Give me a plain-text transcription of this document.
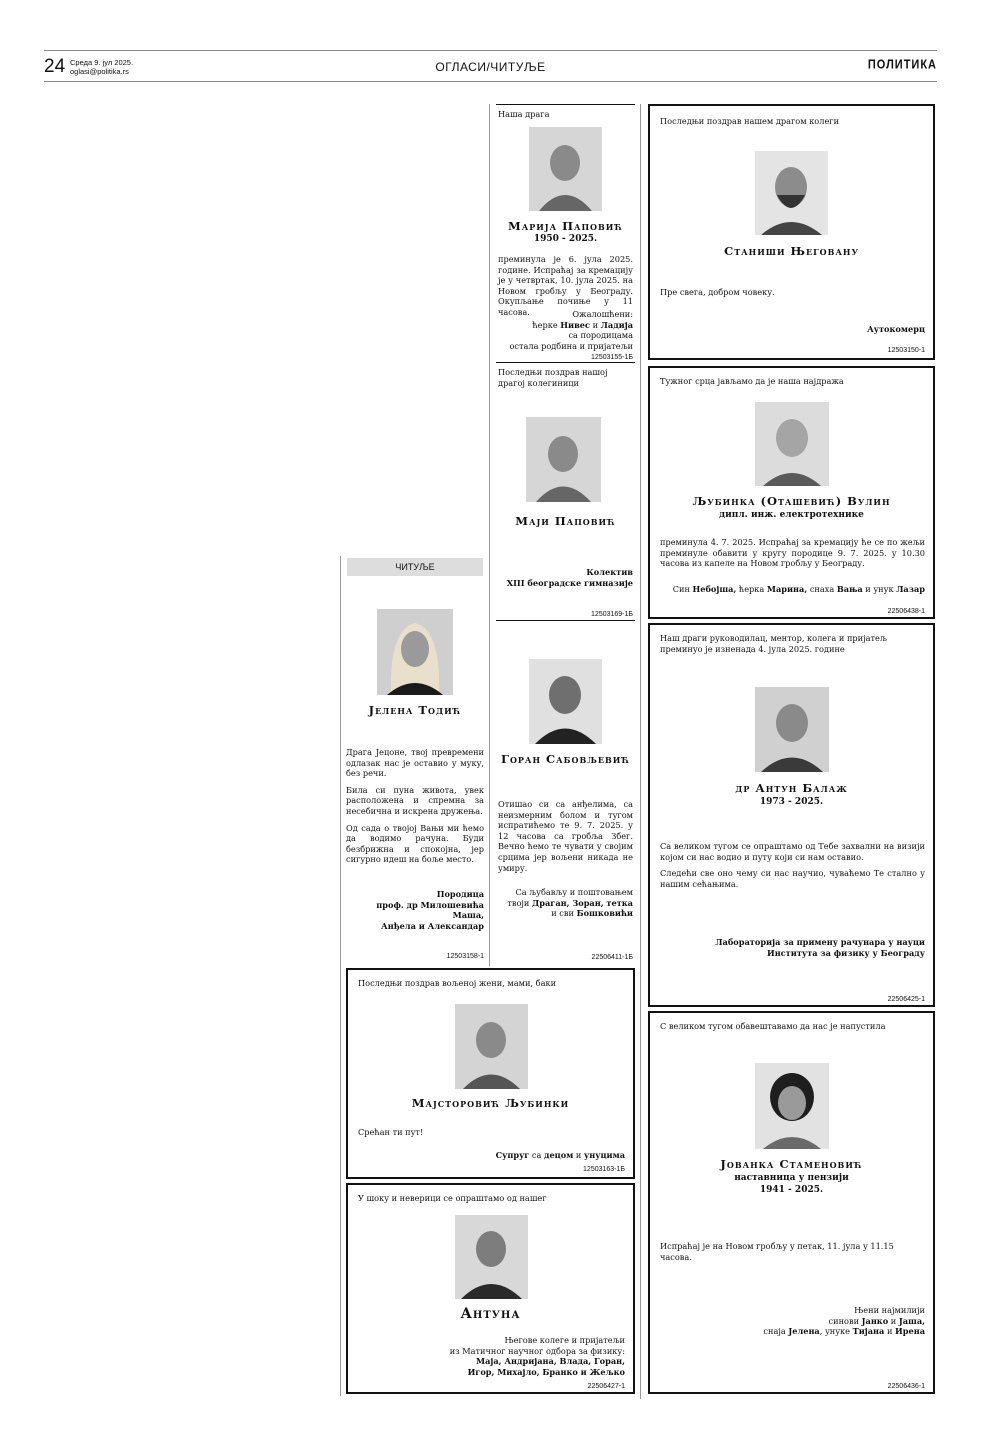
24 Среда 9. јул 2025.
oglasi@politika.rs	ОГЛАСИ/ЧИТУЉЕ	ПОЛИТИКА
Наша драга
Марија Паповић
1950 - 2025.
преминула је 6. јула 2025. године. Испраћај за кремацију је у четвртак, 10. јула 2025. на Новом гробљу у Београду. Окупљање почиње у 11 часова.	Ожалошћени:
ћерке Нивес и Ладија
са породицама
остала родбина и пријатељи
12503155-1Б
Последњи поздрав нашој драгој колегиници
Маји Паповић
Колектив
XIII београдске гимназије
12503169-1Б
Горан Сабовљевић
Отишао си са анђелима, са неизмерним болом и тугом испратићемо те 9. 7. 2025. у 12 часова са гробља Збег. Вечно ћемо те чувати у својим срцима јер вољени никада не умиру.
Са љубављу и поштовањем
твоји Драган, Зоран, тетка
и сви Бошковићи
22506411-1Б
ЧИТУЉЕ
Јелена Тодић

Драга Јецоне, твој превремени одлазак нас је оставио у муку, без речи.

Била си пуна живота, увек расположена и спремна за несебична и искрена дружења.

Од сада о твојој Вањи ми ћемо да водимо рачуна. Буди безбрижна и спокојна, јер сигурно идеш на боље место.

Породица
проф. др Милошевића Маша,
Анђела и Александар
12503158-1
Последњи поздрав вољеној жени, мами, баки
Мајсторовић Љубинки
Срећан ти пут!
Супруг са децом и унуцима
12503163-1Б
У шоку и неверици се опраштамо од нашег
Антуна
Његове колеге и пријатељи
из Матичног научног одбора за физику:
Маја, Андријана, Влада, Горан,
Игор, Михајло, Бранко и Жељко
22506427-1
Последњи поздрав нашем драгом колеги
Станиши Његовану
Пре свега, добром човеку.
Аутокомерц
12503150-1
Тужног срца јављамо да је наша најдража
Љубинка (Оташевић) Вулин
дипл. инж. електротехнике
преминула 4. 7. 2025. Испраћај за кремацију ће се по жељи преминуле обавити у кругу породице 9. 7. 2025. у 10.30 часова из капеле на Новом гробљу у Београду.
Син Небојша, ћерка Марина, снаха Вања и унук Лазар
22506438-1
Наш драги руководилац, ментор, колега и пријатељ преминуо је изненада 4. јула 2025. године
др Антун Балаж
1973 - 2025.

Са великом тугом се опраштамо од Тебе захвални на визији којом си нас водио и путу који си нам оставио.

Следећи све оно чему си нас научио, чуваћемо Те стално у нашим сећањима.

Лабораторија за примену рачунара у науци
Института за физику у Београду
22506425-1
С великом тугом обавештавамо да нас је напустила
Јованка Стаменовић
наставница у пензији
1941 - 2025.
Испраћај је на Новом гробљу у петак, 11. јула у 11.15 часова.
Њени најмилији
синови Јанко и Јаша,
снаја Јелена, унуке Тијана и Ирена
22506436-1
